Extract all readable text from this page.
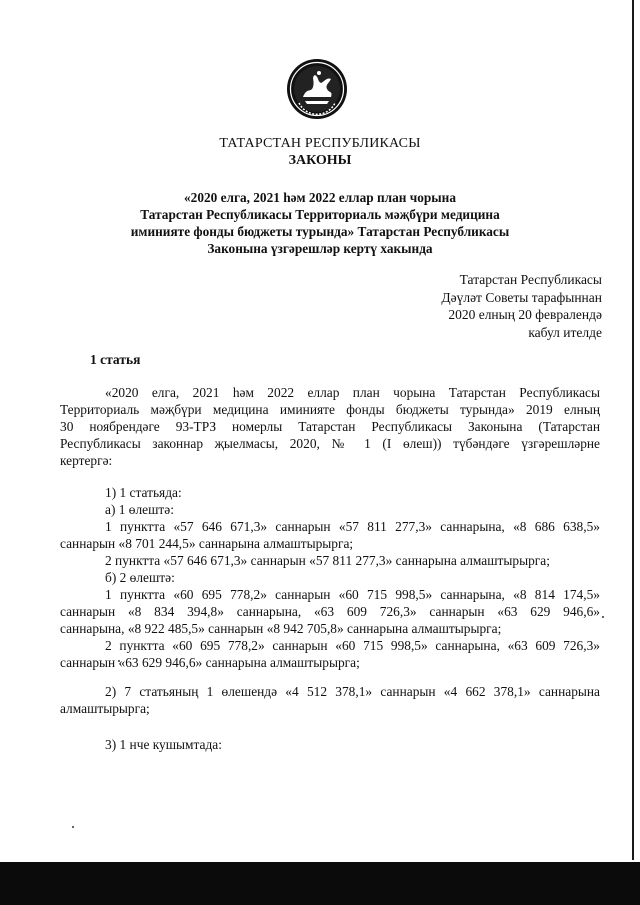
ТАТАРСТАН РЕСПУБЛИКАСЫ
ЗАКОНЫ
«2020 елга, 2021 һәм 2022 еллар план чорына
Татарстан Республикасы Территориаль мәҗбүри медицина
иминияте фонды бюджеты турында» Татарстан Республикасы
Законына үзгәрешләр кертү хакында
Татарстан Республикасы
Дәүләт Советы тарафыннан
2020 елның 20 февралендә
кабул ителде
1 статья
«2020 елга, 2021 һәм 2022 еллар план чорына Татарстан Республикасы
Территориаль мәҗбүри медицина иминияте фонды бюджеты турында» 2019 елның
30 ноябрендәге 93-ТРЗ номерлы Татарстан Республикасы Законына (Татарстан
Республикасы законнар җыелмасы, 2020, № 1 (I өлеш)) түбәндәге үзгәрешләрне
кертергә:
1) 1 статьяда:
а) 1 өлештә:
1 пунктта «57 646 671,3» саннарын «57 811 277,3» саннарына, «8 686 638,5»
саннарын «8 701 244,5» саннарына алмаштырырга;
2 пунктта «57 646 671,3» саннарын «57 811 277,3» саннарына алмаштырырга;
б) 2 өлештә:
1 пунктта «60 695 778,2» саннарын «60 715 998,5» саннарына, «8 814 174,5»
саннарын «8 834 394,8» саннарына, «63 609 726,3» саннарын «63 629 946,6»
саннарына, «8 922 485,5» саннарын «8 942 705,8» саннарына алмаштырырга;
2 пунктта «60 695 778,2» саннарын «60 715 998,5» саннарына, «63 609 726,3»
саннарын «63 629 946,6» саннарына алмаштырырга;
2) 7 статьяның 1 өлешендә «4 512 378,1» саннарын «4 662 378,1» саннарына
алмаштырырга;
3) 1 нче кушымтада:
